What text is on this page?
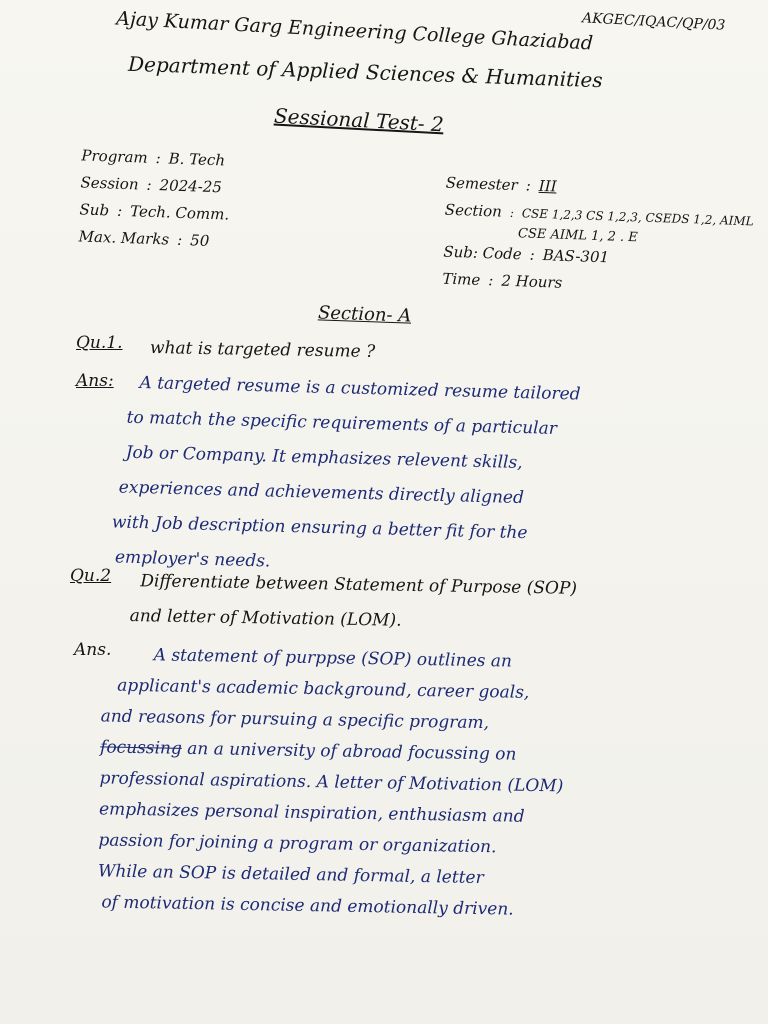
AKGEC/IQAC/QP/03
Ajay Kumar Garg Engineering College Ghaziabad
Department of Applied Sciences & Humanities
Sessional Test- 2
Program : B. Tech
Session : 2024-25
Sub : Tech. Comm.
Max. Marks : 50
Semester : III
Section : CSE 1,2,3 CS 1,2,3, CSEDS 1,2, AIML
CSE AIML 1, 2 . E
Sub: Code : BAS-301
Time : 2 Hours
Section- A
Qu.1. what is targeted resume ?
Ans: A targeted resume is a customized resume tailored
to match the specific requirements of a particular
Job or Company. It emphasizes relevent skills,
experiences and achievements directly aligned
with Job description ensuring a better fit for the
employer's needs.
Qu.2 Differentiate between Statement of Purpose (SOP)
and letter of Motivation (LOM).
Ans. A statement of purppse (SOP) outlines an
applicant's academic background, career goals,
and reasons for pursuing a specific program,
focussing an a university of abroad focussing on
professional aspirations. A letter of Motivation (LOM)
emphasizes personal inspiration, enthusiasm and
passion for joining a program or organization.
While an SOP is detailed and formal, a letter
of motivation is concise and emotionally driven.
